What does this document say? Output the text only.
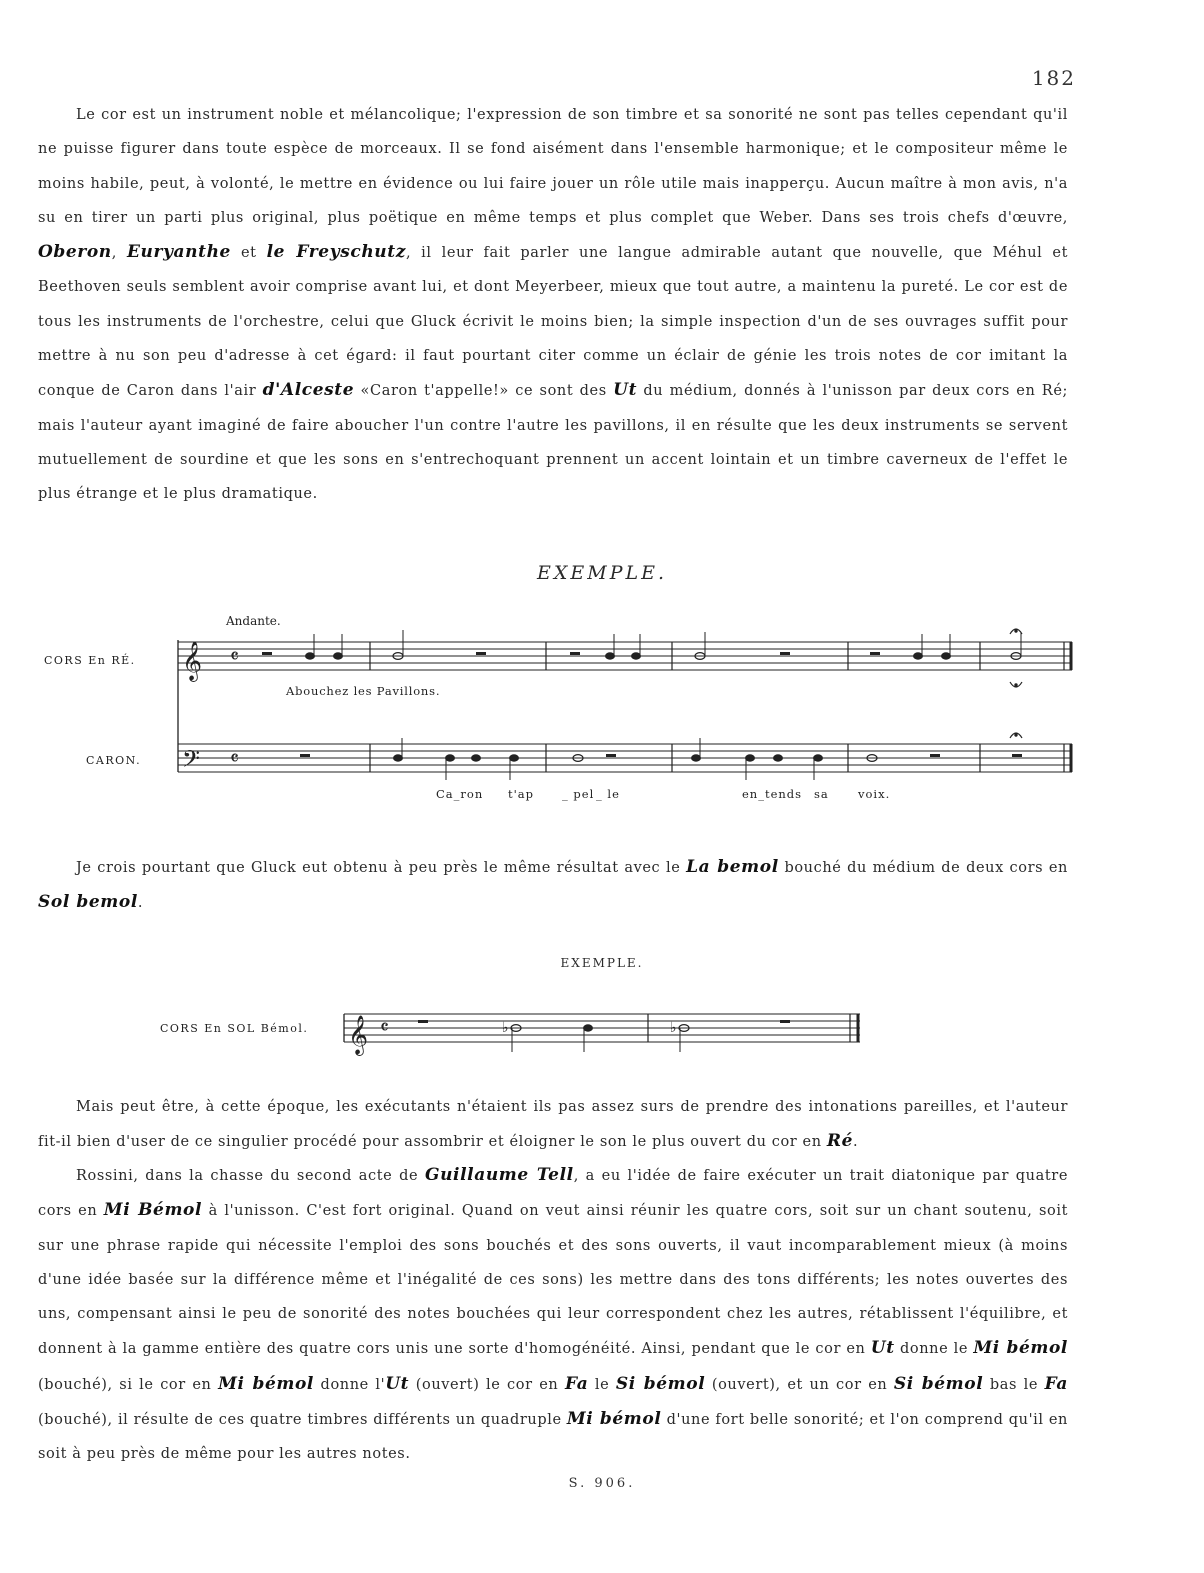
182
Le cor est un instrument noble et mélancolique; l'expression de son timbre et sa sonorité ne sont pas telles cependant qu'il ne puisse figurer dans toute espèce de morceaux. Il se fond aisément dans l'ensemble harmonique; et le compositeur même le moins habile, peut, à volonté, le mettre en évidence ou lui faire jouer un rôle utile mais inapperçu. Aucun maître à mon avis, n'a su en tirer un parti plus original, plus poëtique en même temps et plus complet que Weber. Dans ses trois chefs d'œuvre, Oberon, Euryanthe et le Freyschutz, il leur fait parler une langue admirable autant que nouvelle, que Méhul et Beethoven seuls semblent avoir comprise avant lui, et dont Meyerbeer, mieux que tout autre, a maintenu la pureté. Le cor est de tous les instruments de l'orchestre, celui que Gluck écrivit le moins bien; la simple inspection d'un de ses ouvrages suffit pour mettre à nu son peu d'adresse à cet égard: il faut pourtant citer comme un éclair de génie les trois notes de cor imitant la conque de Caron dans l'air d'Alceste «Caron t'appelle!» ce sont des Ut du médium, donnés à l'unisson par deux cors en Ré; mais l'auteur ayant imaginé de faire aboucher l'un contre l'autre les pavillons, il en résulte que les deux instruments se servent mutuellement de sourdine et que les sons en s'entrechoquant prennent un accent lointain et un timbre caverneux de l'effet le plus étrange et le plus dramatique.
EXEMPLE.
Je crois pourtant que Gluck eut obtenu à peu près le même résultat avec le La bemol bouché du médium de deux cors en Sol bemol.
EXEMPLE.
Mais peut être, à cette époque, les exécutants n'étaient ils pas assez surs de prendre des intonations pareilles, et l'auteur fit-il bien d'user de ce singulier procédé pour assombrir et éloigner le son le plus ouvert du cor en Ré.
Rossini, dans la chasse du second acte de Guillaume Tell, a eu l'idée de faire exécuter un trait diatonique par quatre cors en Mi Bémol à l'unisson. C'est fort original. Quand on veut ainsi réunir les quatre cors, soit sur un chant soutenu, soit sur une phrase rapide qui nécessite l'emploi des sons bouchés et des sons ouverts, il vaut incomparablement mieux (à moins d'une idée basée sur la différence même et l'inégalité de ces sons) les mettre dans des tons différents; les notes ouvertes des uns, compensant ainsi le peu de sonorité des notes bouchées qui leur correspondent chez les autres, rétablissent l'équilibre, et donnent à la gamme entière des quatre cors unis une sorte d'homogénéité. Ainsi, pendant que le cor en Ut donne le Mi bémol (bouché), si le cor en Mi bémol donne l'Ut (ouvert) le cor en Fa le Si bémol (ouvert), et un cor en Si bémol bas le Fa (bouché), il résulte de ces quatre timbres différents un quadruple Mi bémol d'une fort belle sonorité; et l'on comprend qu'il en soit à peu près de même pour les autres notes.
S. 906.
𝄞 𝄴
𝄢 𝄴
Andante.
CORS En RÉ.
CARON.
Abouchez les Pavillons.
Ca_ron t'ap _ pel _ le	en_tends sa	voix.
𝄞 𝄴	♭	♭
CORS En SOL Bémol.
